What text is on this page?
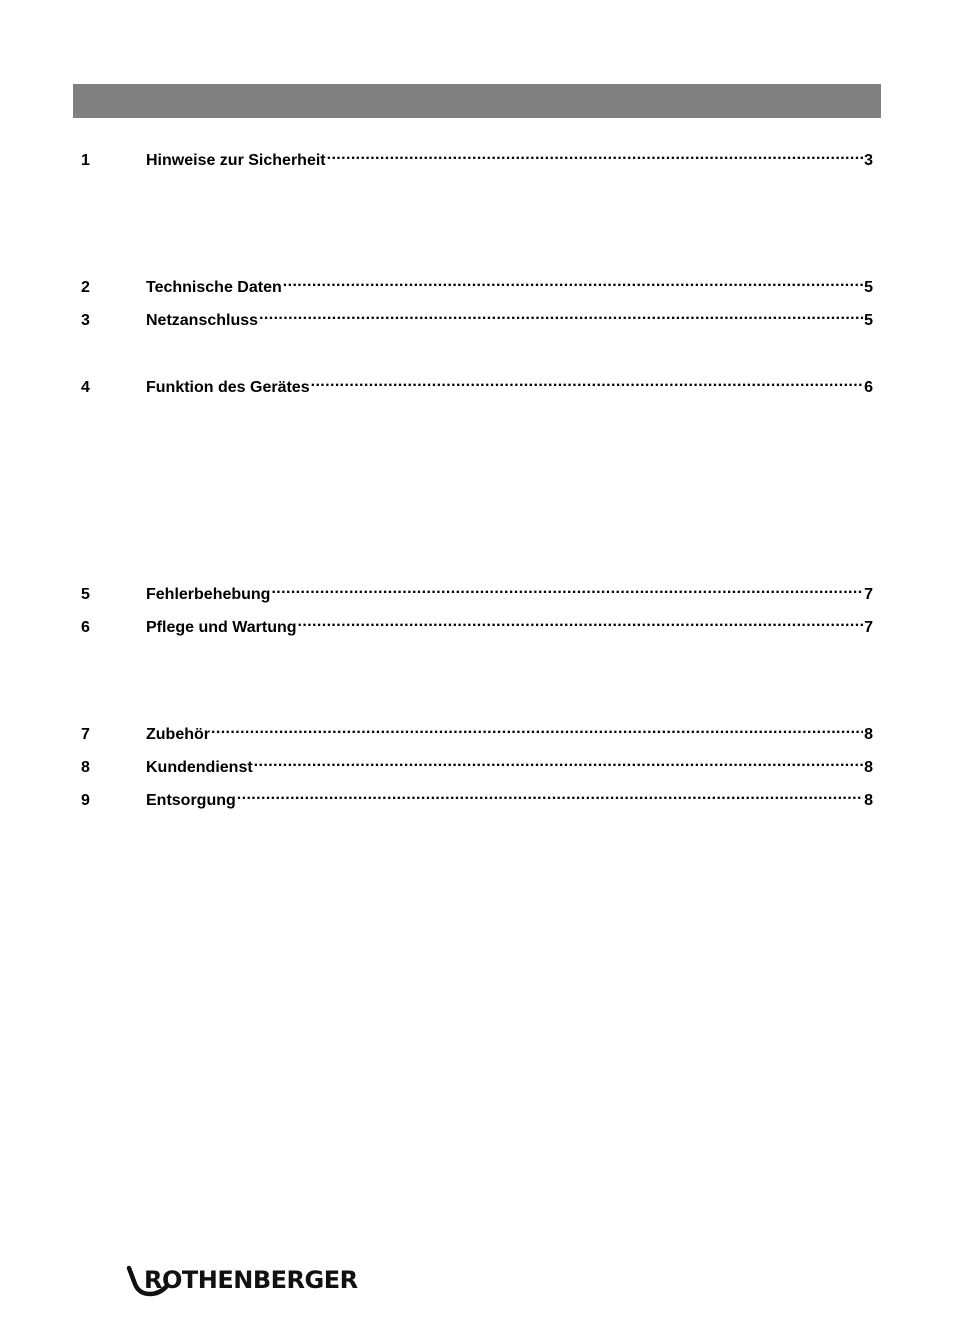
1	Hinweise zur Sicherheit .....	3
2	Technische Daten .....	5
3	Netzanschluss .....	5
4	Funktion des Gerätes .....	6
5	Fehlerbehebung .....	7
6	Pflege und Wartung .....	7
7	Zubehör .....	8
8	Kundendienst .....	8
9	Entsorgung .....	8
ROTHENBERGER
